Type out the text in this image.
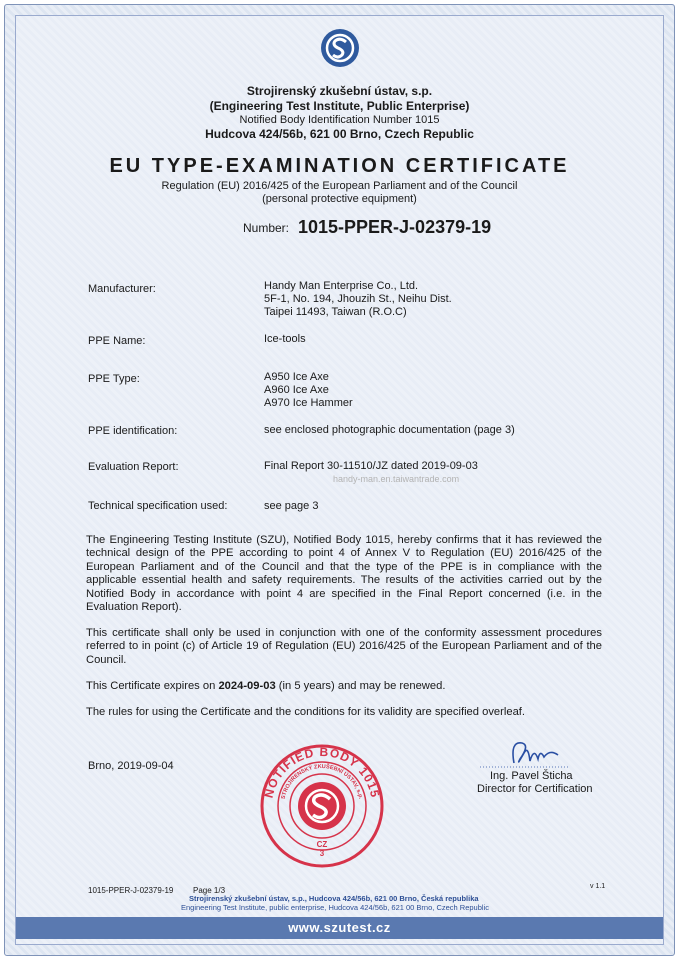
Strojirenský zkušební ústav, s.p.

(Engineering Test Institute, Public Enterprise)

Notified Body Identification Number 1015

Hudcova 424/56b, 621 00 Brno, Czech Republic

EU TYPE-EXAMINATION CERTIFICATE

Regulation (EU) 2016/425 of the European Parliament and of the Council

(personal protective equipment)

Number: 1015-PPER-J-02379-19
Manufacturer:	Handy Man Enterprise Co., Ltd.
5F-1, No. 194, Jhouzih St., Neihu Dist.
Taipei 11493, Taiwan (R.O.C)
PPE Name:	Ice-tools
PPE Type:	A950 Ice Axe
A960 Ice Axe
A970 Ice Hammer
PPE identification:	see enclosed photographic documentation (page 3)
Evaluation Report:	Final Report 30-11510/JZ dated 2019-09-03
handy-man.en.taiwantrade.com
Technical specification used:	see page 3

The Engineering Testing Institute (SZU), Notified Body 1015, hereby confirms that it has reviewed the technical design of the PPE according to point 4 of Annex V to Regulation (EU) 2016/425 of the European Parliament and of the Council and that the type of the PPE is in compliance with the applicable essential health and safety requirements. The results of the activities carried out by the Notified Body in accordance with point 4 are specified in the Final Report concerned (i.e. in the Evaluation Report).

This certificate shall only be used in conjunction with one of the conformity assessment procedures referred to in point (c) of Article 19 of Regulation (EU) 2016/425 of the European Parliament and of the Council.

This Certificate expires on 2024-09-03 (in 5 years) and may be renewed.

The rules for using the Certificate and the conditions for its validity are specified overleaf.

Brno, 2019-09-04
NOTIFIED BODY 1015
STROJIRENSKÝ ZKUŠEBNÍ ÚSTAV, s.p.
CZ
3
Ing. Pavel Šticha
Director for Certification
1015-PPER-J-02379-19 Page 1/3
Strojirenský zkušební ústav, s.p., Hudcova 424/56b, 621 00 Brno, Česká republika
Engineering Test Institute, public enterprise, Hudcova 424/56b, 621 00 Brno, Czech Republic
v 1.1
www.szutest.cz
